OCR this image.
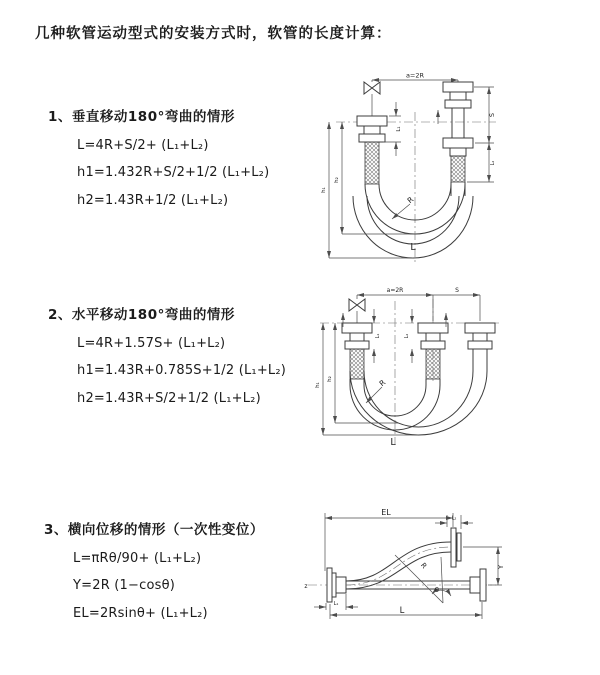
几种软管运动型式的安装方式时，软管的长度计算：
1、垂直移动180°弯曲的情形
L=4R+S/2+ (L₁+L₂)
h1=1.432R+S/2+1/2 (L₁+L₂)
h2=1.43R+1/2 (L₁+L₂)
2、水平移动180°弯曲的情形
L=4R+1.57S+ (L₁+L₂)
h1=1.43R+0.785S+1/2 (L₁+L₂)
h2=1.43R+S/2+1/2 (L₁+L₂)
3、横向位移的情形（一次性变位）
L=πRθ/90+ (L₁+L₂)
Y=2R (1−cosθ)
EL=2Rsinθ+ (L₁+L₂)
a=2R
L₁
S
L₂
h₂
h₁
R
L
a=2R	S
h₂
h₁
L₁	L₂
R
L
z	θ
R
EL
L₂
Y
L₁
L
